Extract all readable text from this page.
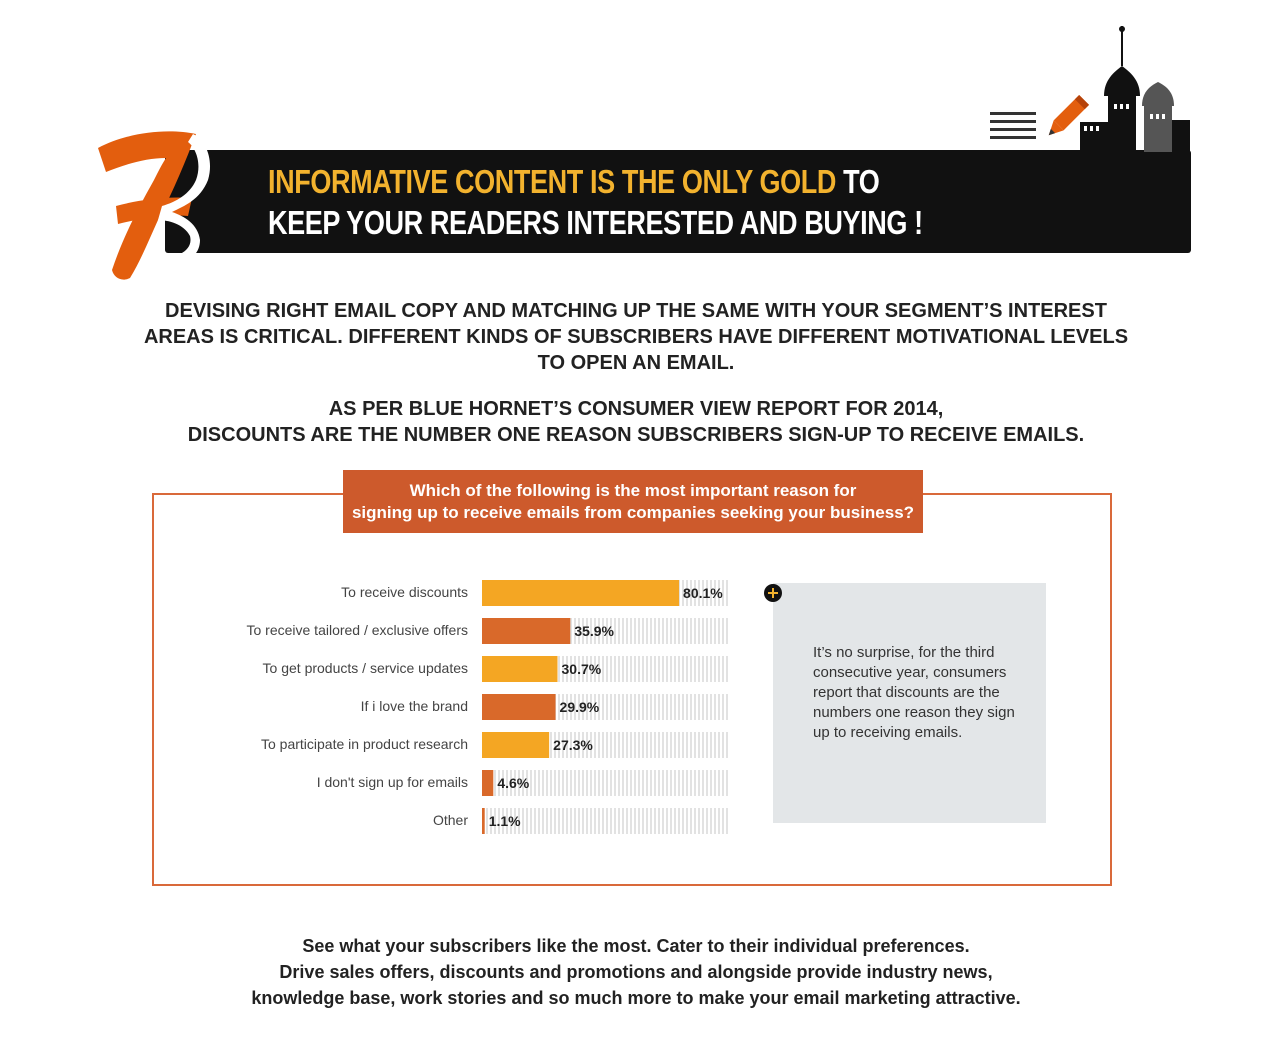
7
INFORMATIVE CONTENT IS THE ONLY GOLD TO
KEEP YOUR READERS INTERESTED AND BUYING !
DEVISING RIGHT EMAIL COPY AND MATCHING UP THE SAME WITH YOUR SEGMENT’S INTEREST
AREAS IS CRITICAL. DIFFERENT KINDS OF SUBSCRIBERS HAVE DIFFERENT MOTIVATIONAL LEVELS
TO OPEN AN EMAIL.
AS PER BLUE HORNET’S CONSUMER VIEW REPORT FOR 2014,
DISCOUNTS ARE THE NUMBER ONE REASON SUBSCRIBERS SIGN-UP TO RECEIVE EMAILS.
Which of the following is the most important reason for
signing up to receive emails from companies seeking your business?
To receive discounts	80.1%
To receive tailored / exclusive offers	35.9%
To get products / service updates	30.7%
If i love the brand	29.9%
To participate in product research	27.3%
I don't sign up for emails 4.6%
Other 1.1%
It’s no surprise, for the third consecutive year, consumers report that discounts are the numbers one reason they sign up to receiving emails.
See what your subscribers like the most. Cater to their individual preferences.
Drive sales offers, discounts and promotions and alongside provide industry news,
knowledge base, work stories and so much more to make your email marketing attractive.
